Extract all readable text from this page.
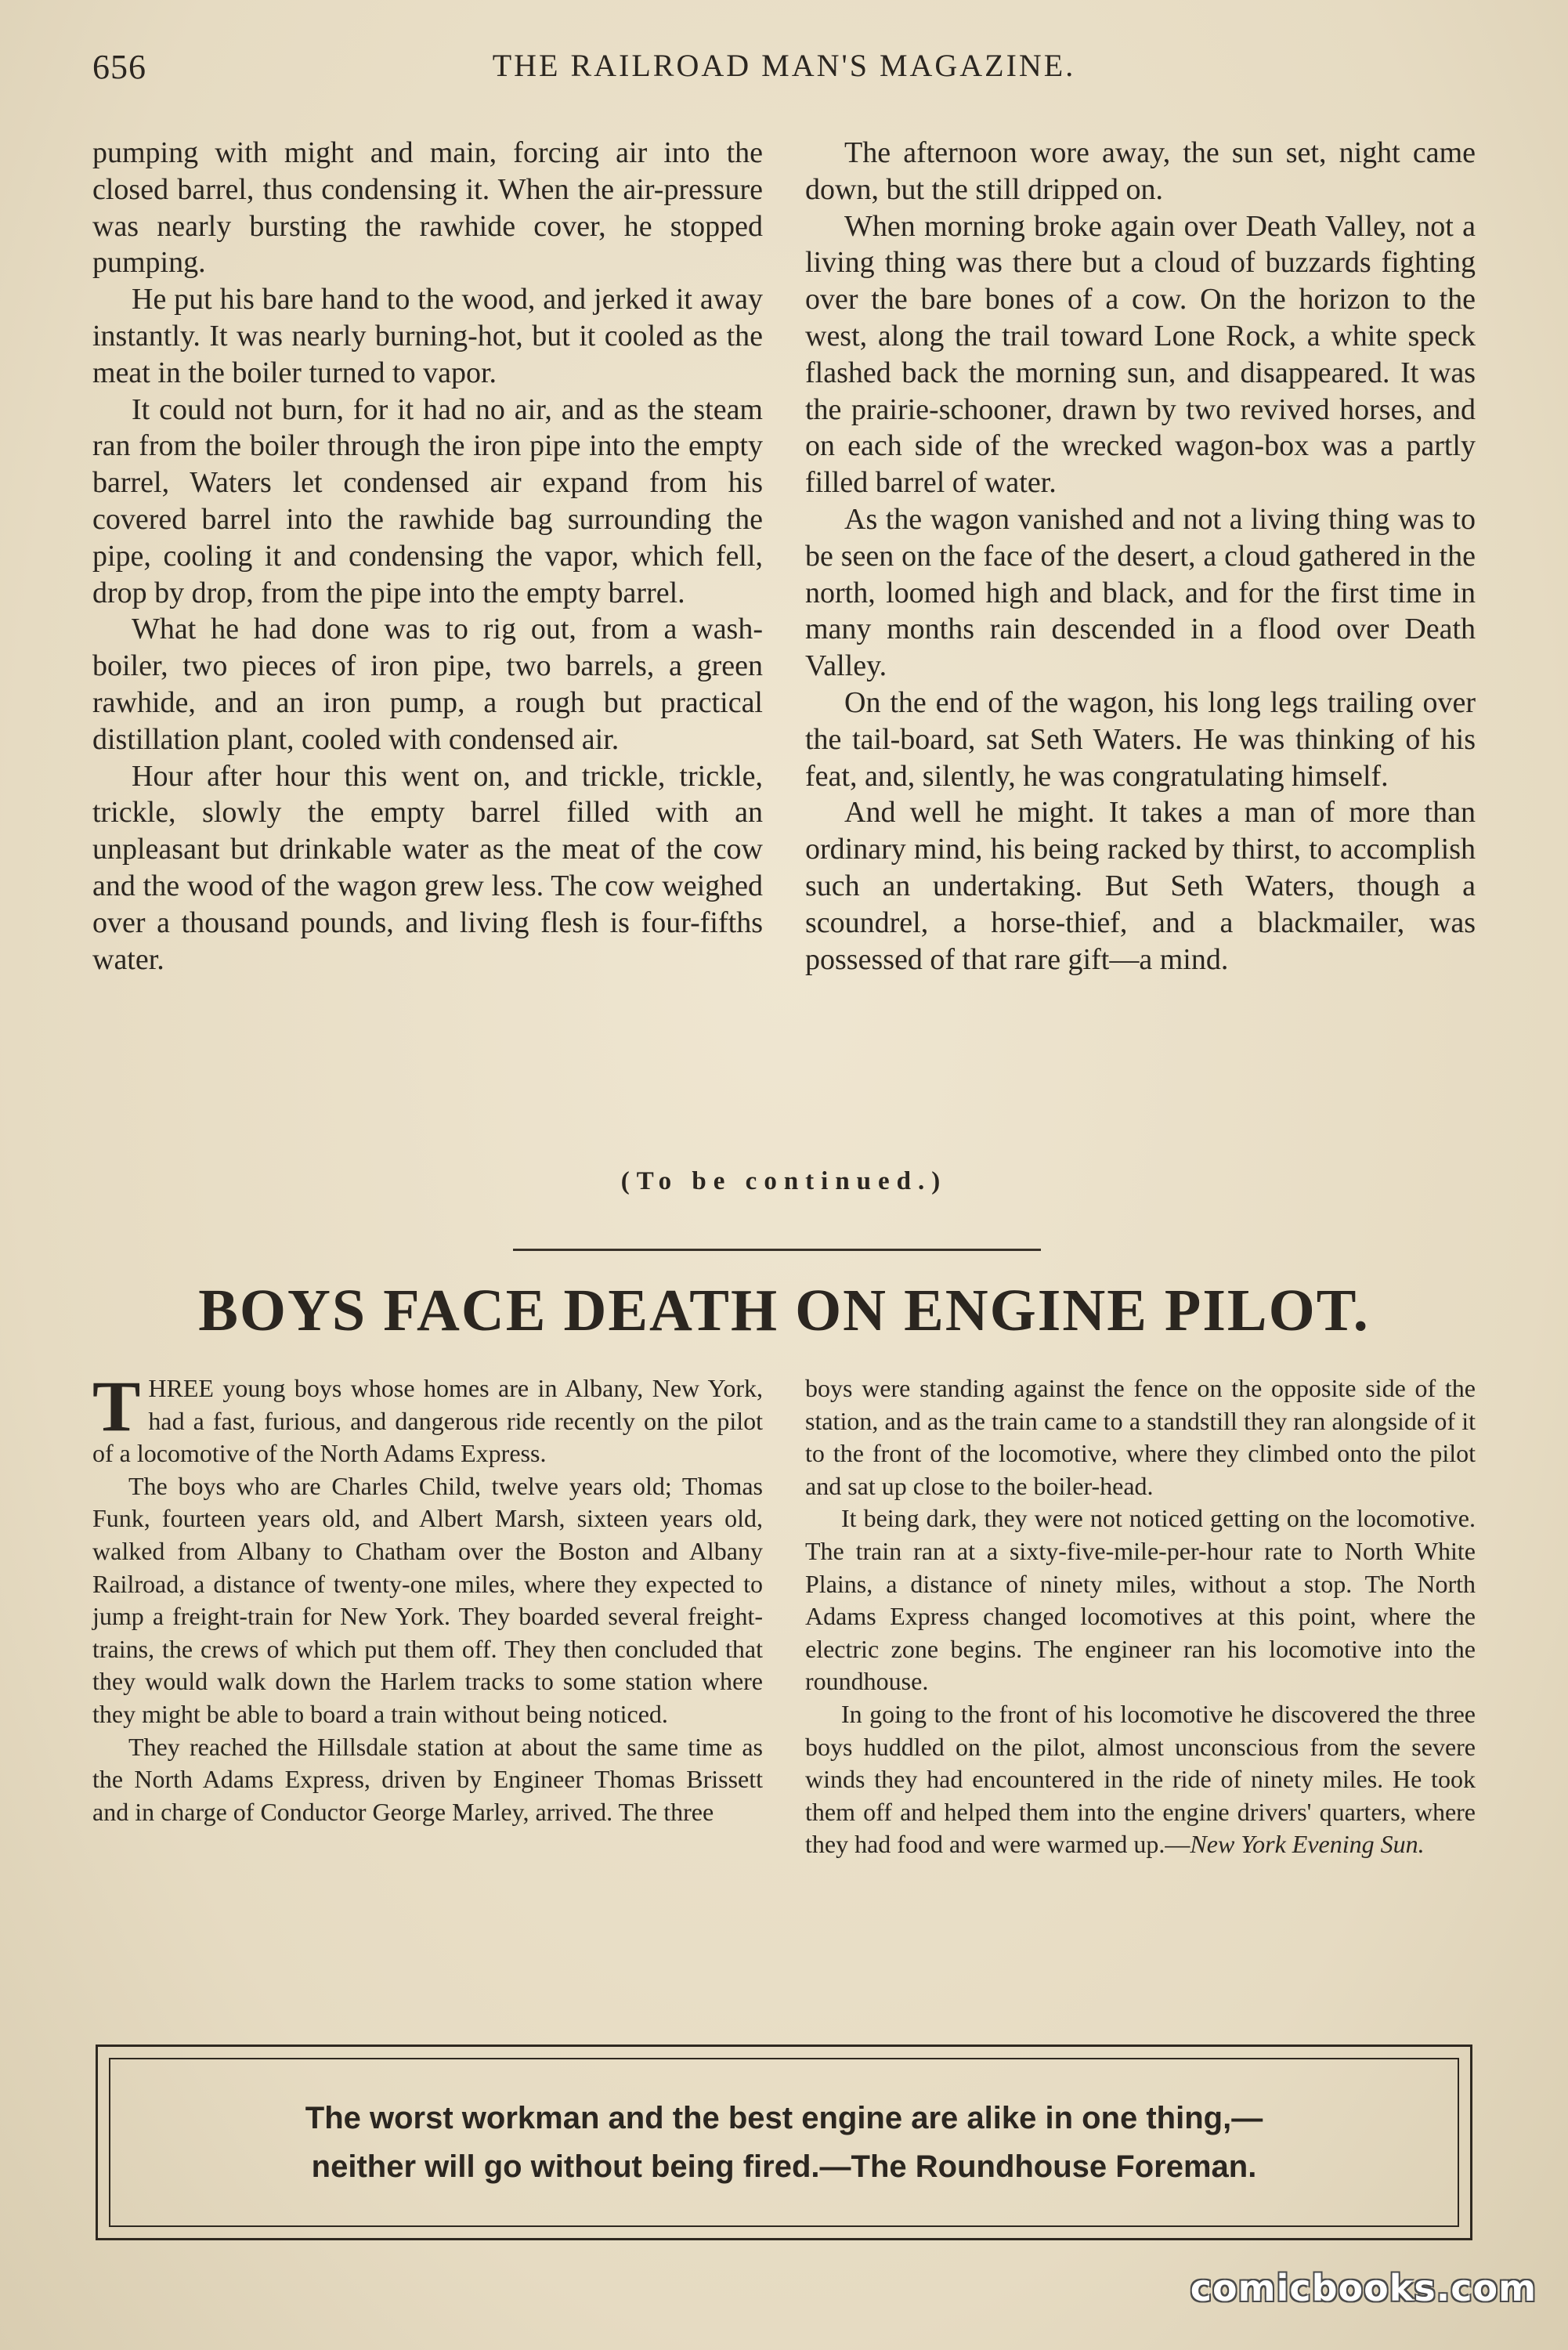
656	THE RAILROAD MAN'S MAGAZINE.

pumping with might and main, forcing air into the closed barrel, thus condensing it. When the air-pressure was nearly bursting the rawhide cover, he stopped pumping.

He put his bare hand to the wood, and jerked it away instantly. It was nearly burning-hot, but it cooled as the meat in the boiler turned to vapor.

It could not burn, for it had no air, and as the steam ran from the boiler through the iron pipe into the empty barrel, Waters let condensed air expand from his covered barrel into the rawhide bag surrounding the pipe, cooling it and condensing the vapor, which fell, drop by drop, from the pipe into the empty barrel.

What he had done was to rig out, from a wash-boiler, two pieces of iron pipe, two barrels, a green rawhide, and an iron pump, a rough but practical distillation plant, cooled with condensed air.

Hour after hour this went on, and trickle, trickle, trickle, slowly the empty barrel filled with an unpleasant but drinkable water as the meat of the cow and the wood of the wagon grew less. The cow weighed over a thousand pounds, and living flesh is four-fifths water.

The afternoon wore away, the sun set, night came down, but the still dripped on.

When morning broke again over Death Valley, not a living thing was there but a cloud of buzzards fighting over the bare bones of a cow. On the horizon to the west, along the trail toward Lone Rock, a white speck flashed back the morning sun, and disappeared. It was the prairie-schooner, drawn by two revived horses, and on each side of the wrecked wagon-box was a partly filled barrel of water.

As the wagon vanished and not a living thing was to be seen on the face of the desert, a cloud gathered in the north, loomed high and black, and for the first time in many months rain descended in a flood over Death Valley.

On the end of the wagon, his long legs trailing over the tail-board, sat Seth Waters. He was thinking of his feat, and, silently, he was congratulating himself.

And well he might. It takes a man of more than ordinary mind, his being racked by thirst, to accomplish such an undertaking. But Seth Waters, though a scoundrel, a horse-thief, and a blackmailer, was possessed of that rare gift—a mind.

(To be continued.)
BOYS FACE DEATH ON ENGINE PILOT.

THREE young boys whose homes are in Albany, New York, had a fast, furious, and dangerous ride recently on the pilot of a locomotive of the North Adams Express.

The boys who are Charles Child, twelve years old; Thomas Funk, fourteen years old, and Albert Marsh, sixteen years old, walked from Albany to Chatham over the Boston and Albany Railroad, a distance of twenty-one miles, where they expected to jump a freight-train for New York. They boarded several freight-trains, the crews of which put them off. They then concluded that they would walk down the Harlem tracks to some station where they might be able to board a train without being noticed.

They reached the Hillsdale station at about the same time as the North Adams Express, driven by Engineer Thomas Brissett and in charge of Conductor George Marley, arrived. The three

boys were standing against the fence on the opposite side of the station, and as the train came to a standstill they ran alongside of it to the front of the locomotive, where they climbed onto the pilot and sat up close to the boiler-head.

It being dark, they were not noticed getting on the locomotive. The train ran at a sixty-five-mile-per-hour rate to North White Plains, a distance of ninety miles, without a stop. The North Adams Express changed locomotives at this point, where the electric zone begins. The engineer ran his locomotive into the roundhouse.

In going to the front of his locomotive he discovered the three boys huddled on the pilot, almost unconscious from the severe winds they had encountered in the ride of ninety miles. He took them off and helped them into the engine drivers' quarters, where they had food and were warmed up.—New York Evening Sun.

The worst workman and the best engine are alike in one thing,—
neither will go without being fired.—The Roundhouse Foreman.
comicbooks.com
